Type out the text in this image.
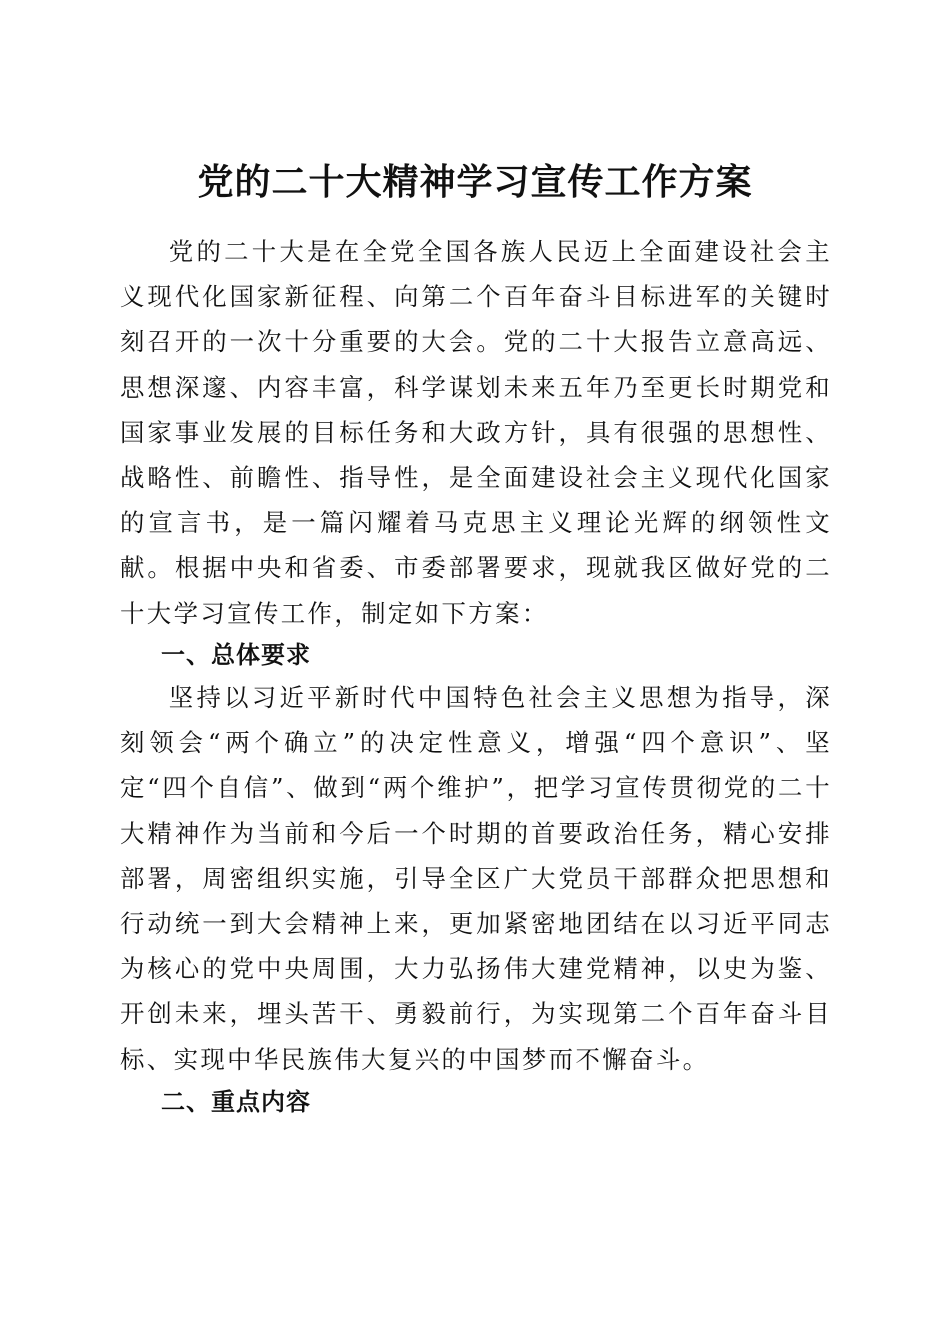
党的二十大精神学习宣传工作方案

党的二十大是在全党全国各族人民迈上全面建设社会主义现代化国家新征程、向第二个百年奋斗目标进军的关键时刻召开的一次十分重要的大会。党的二十大报告立意高远、思想深邃、内容丰富，科学谋划未来五年乃至更长时期党和国家事业发展的目标任务和大政方针，具有很强的思想性、战略性、前瞻性、指导性，是全面建设社会主义现代化国家的宣言书，是一篇闪耀着马克思主义理论光辉的纲领性文献。根据中央和省委、市委部署要求，现就我区做好党的二十大学习宣传工作，制定如下方案：

一、总体要求

坚持以习近平新时代中国特色社会主义思想为指导，深刻领会“两个确立”的决定性意义，增强“四个意识”、坚定“四个自信”、做到“两个维护”，把学习宣传贯彻党的二十大精神作为当前和今后一个时期的首要政治任务，精心安排部署，周密组织实施，引导全区广大党员干部群众把思想和行动统一到大会精神上来，更加紧密地团结在以习近平同志为核心的党中央周围，大力弘扬伟大建党精神，以史为鉴、开创未来，埋头苦干、勇毅前行，为实现第二个百年奋斗目标、实现中华民族伟大复兴的中国梦而不懈奋斗。

二、重点内容
